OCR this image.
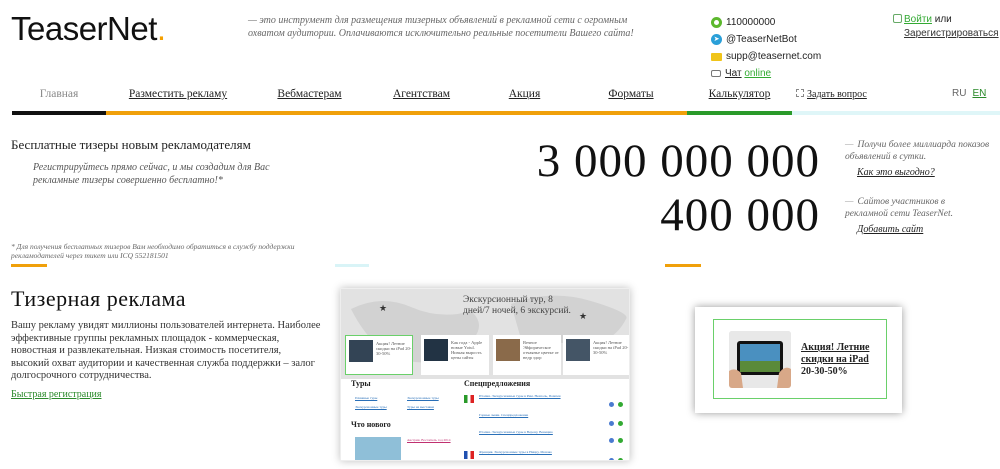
TeaserNet.	— это инструмент для размещения тизерных объявлений в рекламной сети с огромным охватом аудитории. Оплачиваются исключительно реальные посетители Вашего сайта!
110000000
➤ @TeaserNetBot
supp@teasernet.com
Чат
online
Войти или
Зарегистрироваться
Главная	Разместить рекламу	Вебмастерам	Агентствам	Акция	Форматы	Калькулятор	Задать вопрос	RU EN
Бесплатные тизеры новым рекламодателям
Регистрируйтесь прямо сейчас, и мы создадим для Вас рекламные тизеры совершенно бесплатно!*
* Для получения бесплатных тизеров Вам необходимо обратиться в службу поддержки рекламодателей через тикет или ICQ 552181501
3 000 000 000
400 000
— Получи более миллиарда показов объявлений в сутки.
Как это выгодно?
— Сайтов участников в рекламной сети TeaserNet.
Добавить сайт
Тизерная реклама
Вашу рекламу увидят миллионы пользователей интернета. Наиболее эффективные группы рекламных площадок - коммерческая, новостная и развлекательная. Низкая стоимость посетителя, высокий охват аудитории и качественная служба поддержки – залог долгосрочного сотрудничества.
Быстрая регистрация
★
★
Экскурсионный тур, 8 дней/7 ночей, 6 экскурсий.
Акция! Летние скидки на iPad 20-30-50%
Как года - Apple новые Yotul. Низкая вырость цены сайты
Вечное Эйфорическое отчаянье цветке от недр здор
Акция! Летние скидки на iPad 20-30-50%
Туры
Пляжные туры
Экскурсионные туры
Экскурсионные туры
Туры на выставки
Что нового
Австрия. Восхитель год 2014
Спецпредложения
Италия. Экскурсионные туры в Рим. Неаполь, Помпеи
Горные лыжи. Спецпредложение
Италия. Экскурсионные туры в Верону, Венецию
Франция. Экскурсионные туры в Ниццу, Монако

Акция! Летние
скидки на iPad
20-30-50%
